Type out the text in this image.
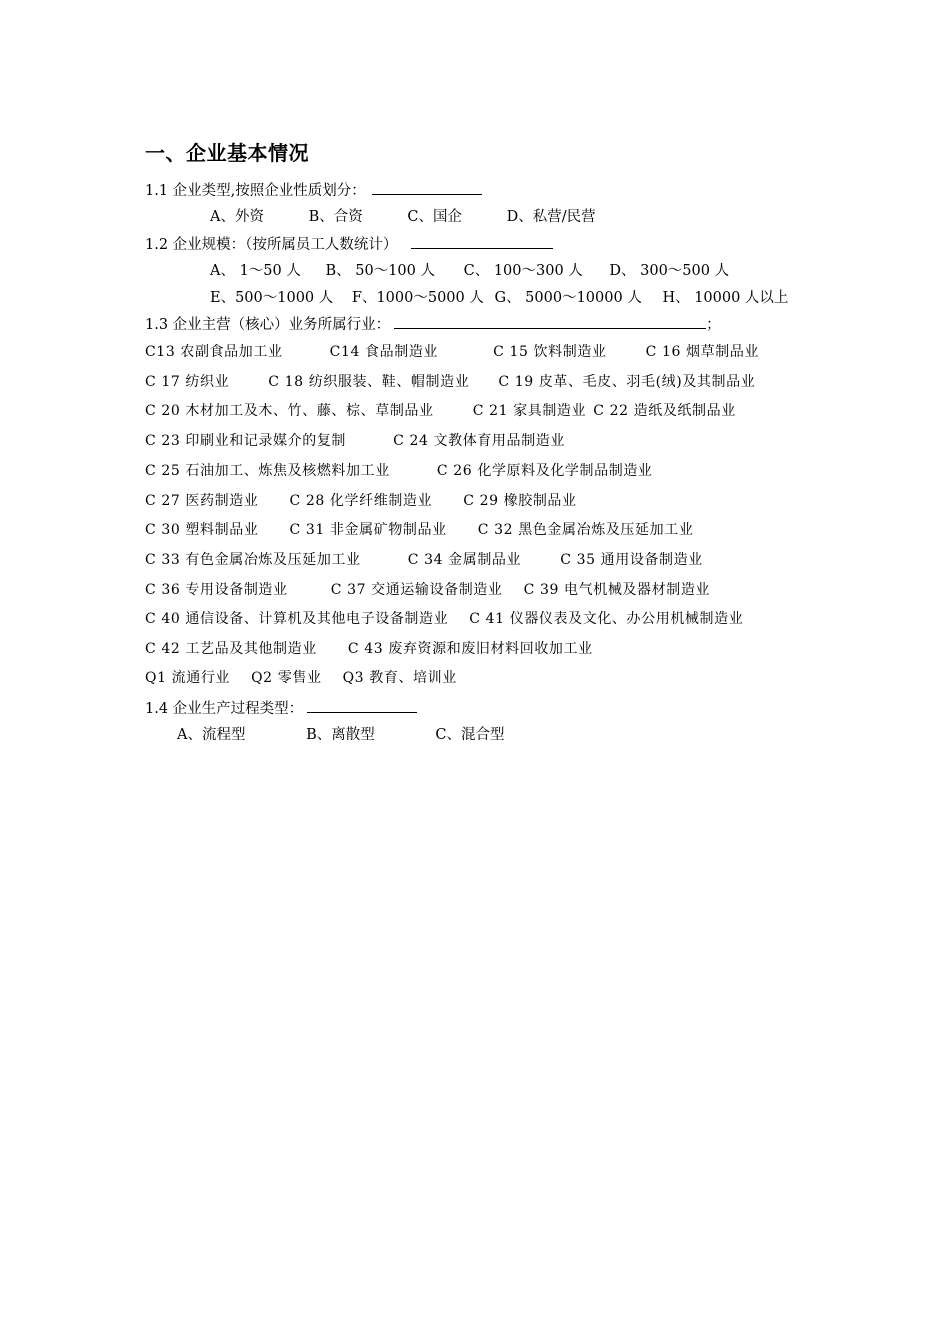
一、企业基本情况
1.1 企业类型,按照企业性质划分：
A、外资	B、合资	C、国企	D、私营/民营
1.2 企业规模：（按所属员工人数统计）
A、 1～50 人 B、 50～100 人 C、 100～300 人 D、 300～500 人
E、500～1000 人 F、1000～5000 人 G、 5000～10000 人 H、 10000 人以上
1.3 企业主营（核心）业务所属行业：	；
C13 农副食品加工业	C14 食品制造业	C 15 饮料制造业	C 16 烟草制品业
C 17 纺织业	C 18 纺织服装、鞋、帽制造业 C 19 皮革、毛皮、羽毛(绒)及其制品业
C 20 木材加工及木、竹、藤、棕、草制品业	C 21 家具制造业 C 22 造纸及纸制品业
C 23 印刷业和记录媒介的复制	C 24 文教体育用品制造业
C 25 石油加工、炼焦及核燃料加工业	C 26 化学原料及化学制品制造业
C 27 医药制造业 C 28 化学纤维制造业 C 29 橡胶制品业
C 30 塑料制品业 C 31 非金属矿物制品业 C 32 黑色金属冶炼及压延加工业
C 33 有色金属冶炼及压延加工业	C 34 金属制品业	C 35 通用设备制造业
C 36 专用设备制造业	C 37 交通运输设备制造业 C 39 电气机械及器材制造业
C 40 通信设备、计算机及其他电子设备制造业 C 41 仪器仪表及文化、办公用机械制造业
C 42 工艺品及其他制造业 C 43 废弃资源和废旧材料回收加工业
Q1 流通行业 Q2 零售业 Q3 教育、培训业
1.4 企业生产过程类型：
A、流程型	B、离散型	C、混合型
